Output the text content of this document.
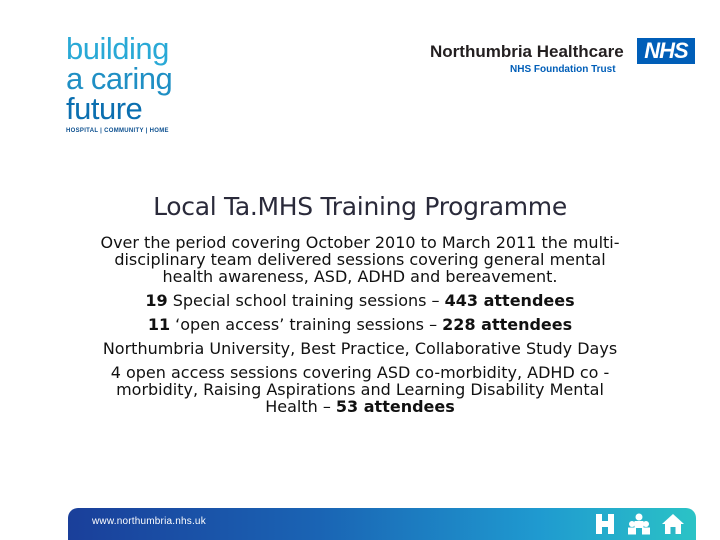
building
a caring
future
HOSPITAL | COMMUNITY | HOME
Northumbria Healthcare
NHS Foundation Trust
NHS
Local Ta.MHS Training Programme

Over the period covering October 2010 to March 2011 the multi-disciplinary team delivered sessions covering general mental health awareness, ASD, ADHD and bereavement.

19 Special school training sessions – 443 attendees

11 ‘open access’ training sessions – 228 attendees

Northumbria University, Best Practice, Collaborative Study Days

4 open access sessions covering ASD co-morbidity, ADHD co -morbidity, Raising Aspirations and Learning Disability Mental Health – 53 attendees

www.northumbria.nhs.uk
